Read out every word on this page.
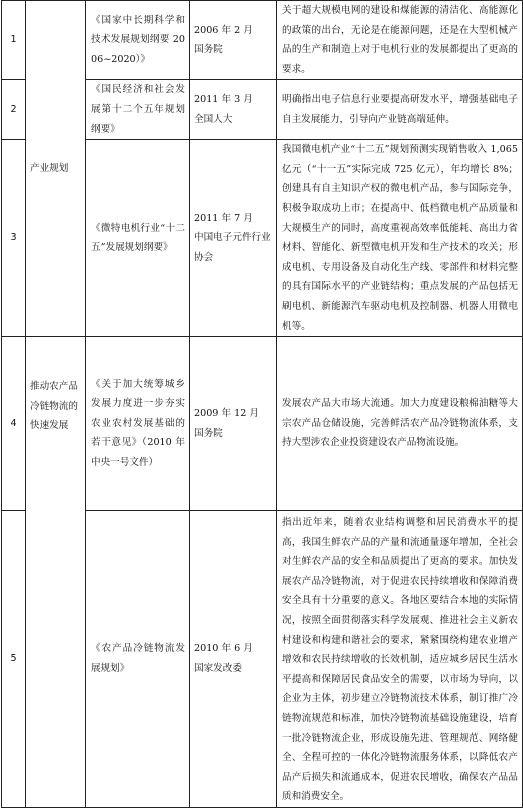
1	产业规划	《国家中长期科学和技术发展规划纲要 2006~2020）》	2006 年 2 月
国务院	关于超大规模电网的建设和煤能源的清洁化、高能源化的政策的出台，无论是在能源问题，还是在大型机械产品的生产和制造上对于电机行业的发展都提出了更高的要求。

2		《国民经济和社会发展第十二个五年规划纲要》	2011 年 3 月
全国人大	明确指出电子信息行业要提高研发水平，增强基础电子自主发展能力，引导向产业链高端延伸。

3		《微特电机行业“十二五”发展规划纲要》	2011 年 7 月
中国电子元件行业协会	我国微电机产业“十二五”规划预测实现销售收入 1,065 亿元（“十一五”实际完成 725 亿元），年均增长 8%；创建具有自主知识产权的微电机产品，参与国际竞争，积极争取成功上市；在提高中、低档微电机产品质量和大规模生产的同时，高度重视高效率低能耗、高出力省材料、智能化、新型微电机开发和生产技术的攻关；形成电机、专用设备及自动化生产线、零部件和材料完整的具有国际水平的产业链结构；重点发展的产品包括无刷电机、新能源汽车驱动电机及控制器、机器人用微电机等。

4	推动农产品冷链物流的快速发展	《关于加大统筹城乡发展力度进一步夯实农业农村发展基础的若干意见》（2010 年中央一号文件）	2009 年 12 月
国务院	发展农产品大市场大流通。加大力度建设粮棉油糖等大宗农产品仓储设施，完善鲜活农产品冷链物流体系，支持大型涉农企业投资建设农产品物流设施。

5		《农产品冷链物流发展规划》	2010 年 6 月
国家发改委	指出近年来，随着农业结构调整和居民消费水平的提高，我国生鲜农产品的产量和流通量逐年增加，全社会对生鲜农产品的安全和品质提出了更高的要求。加快发展农产品冷链物流，对于促进农民持续增收和保障消费安全具有十分重要的意义。各地区要结合本地的实际情况，按照全面贯彻落实科学发展观、推进社会主义新农村建设和构建和谐社会的要求，紧紧围绕构建农业增产增效和农民持续增收的长效机制，适应城乡居民生活水平提高和保障居民食品安全的需要，以市场为导向，以企业为主体，初步建立冷链物流技术体系，制订推广冷链物流规范和标准，加快冷链物流基础设施建设，培育一批冷链物流企业，形成设施先进、管理规范、网络健全、全程可控的一体化冷链物流服务体系，以降低农产品产后损失和流通成本，促进农民增收，确保农产品品质和消费安全。
